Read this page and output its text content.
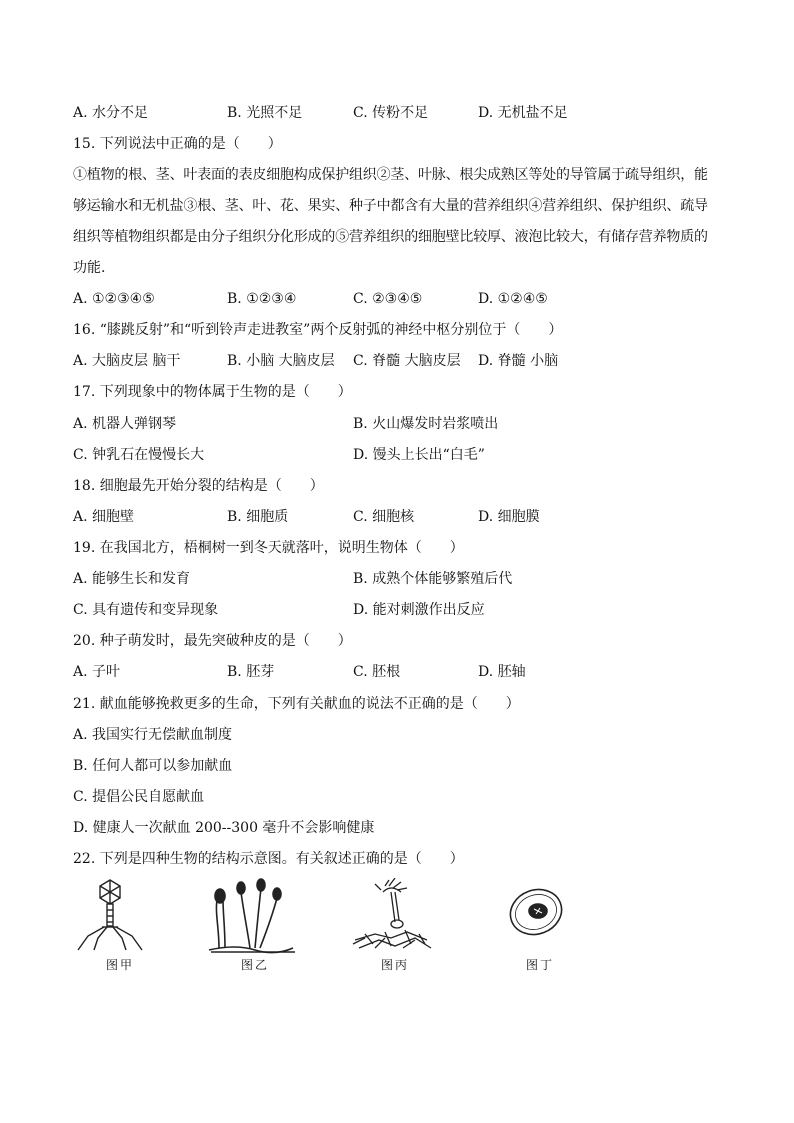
A. 水分不足	B. 光照不足	C. 传粉不足	D. 无机盐不足
15. 下列说法中正确的是（　　）
①植物的根、茎、叶表面的表皮细胞构成保护组织②茎、叶脉、根尖成熟区等处的导管属于疏导组织，能
够运输水和无机盐③根、茎、叶、花、果实、种子中都含有大量的营养组织④营养组织、保护组织、疏导
组织等植物组织都是由分子组织分化形成的⑤营养组织的细胞壁比较厚、液泡比较大，有储存营养物质的
功能.
A. ①②③④⑤	B. ①②③④	C. ②③④⑤	D. ①②④⑤
16. “膝跳反射”和“听到铃声走进教室”两个反射弧的神经中枢分别位于（　　）
A. 大脑皮层 脑干	B. 小脑 大脑皮层 C. 脊髓 大脑皮层 D. 脊髓 小脑
17. 下列现象中的物体属于生物的是（　　）
A. 机器人弹钢琴	B. 火山爆发时岩浆喷出
C. 钟乳石在慢慢长大	D. 馒头上长出“白毛”
18. 细胞最先开始分裂的结构是（　　）
A. 细胞壁	B. 细胞质	C. 细胞核	D. 细胞膜
19. 在我国北方，梧桐树一到冬天就落叶，说明生物体（　　）
A. 能够生长和发育	B. 成熟个体能够繁殖后代
C. 具有遗传和变异现象	D. 能对刺激作出反应
20. 种子萌发时，最先突破种皮的是（　　）
A. 子叶	B. 胚芽	C. 胚根	D. 胚轴
21. 献血能够挽救更多的生命，下列有关献血的说法不正确的是（　　）
A. 我国实行无偿献血制度
B. 任何人都可以参加献血
C. 提倡公民自愿献血
D. 健康人一次献血 200--300 毫升不会影响健康
22. 下列是四种生物的结构示意图。有关叙述正确的是（　　）
图甲	图乙	图丙	图丁
